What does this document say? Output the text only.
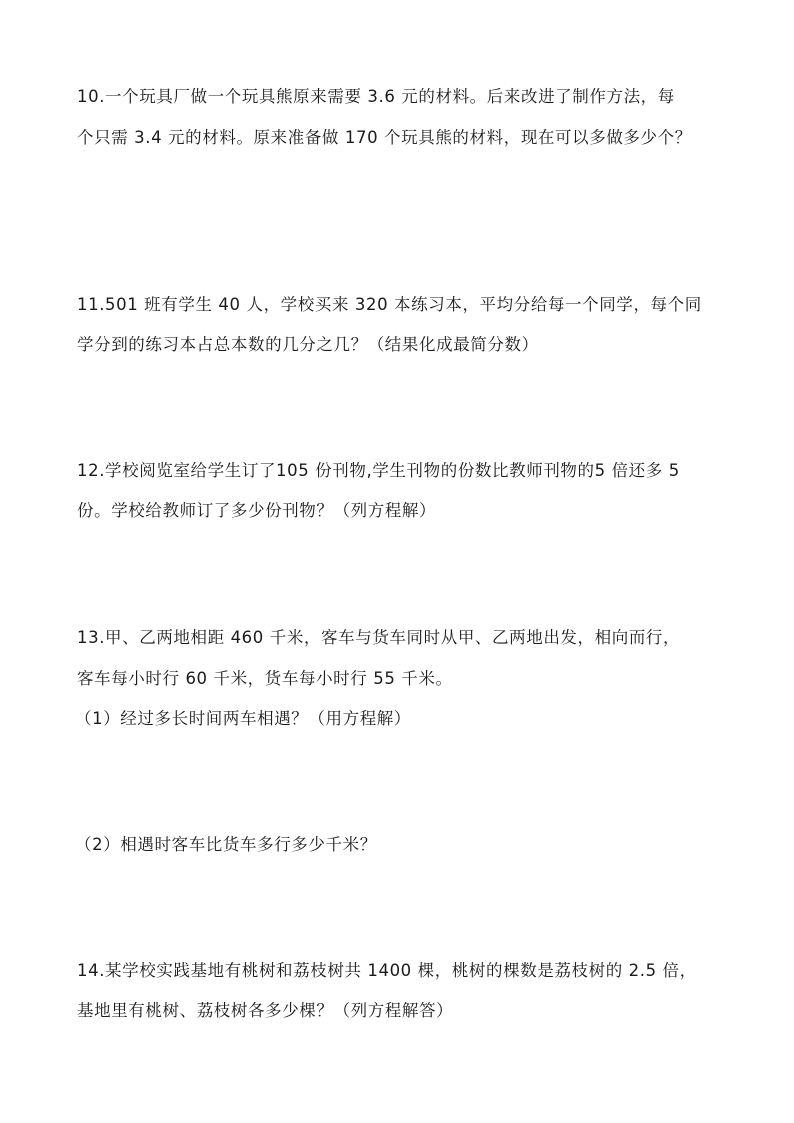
10.一个玩具厂做一个玩具熊原来需要 3.6 元的材料。后来改进了制作方法，每
个只需 3.4 元的材料。原来准备做 170 个玩具熊的材料，现在可以多做多少个？
11.501 班有学生 40 人，学校买来 320 本练习本，平均分给每一个同学，每个同
学分到的练习本占总本数的几分之几？（结果化成最简分数）
12.学校阅览室给学生订了105 份刊物,学生刊物的份数比教师刊物的5 倍还多 5
份。学校给教师订了多少份刊物？（列方程解）
13.甲、乙两地相距 460 千米，客车与货车同时从甲、乙两地出发，相向而行，
客车每小时行 60 千米，货车每小时行 55 千米。
（1）经过多长时间两车相遇？（用方程解）
（2）相遇时客车比货车多行多少千米？
14.某学校实践基地有桃树和荔枝树共 1400 棵，桃树的棵数是荔枝树的 2.5 倍，
基地里有桃树、荔枝树各多少棵？（列方程解答）
